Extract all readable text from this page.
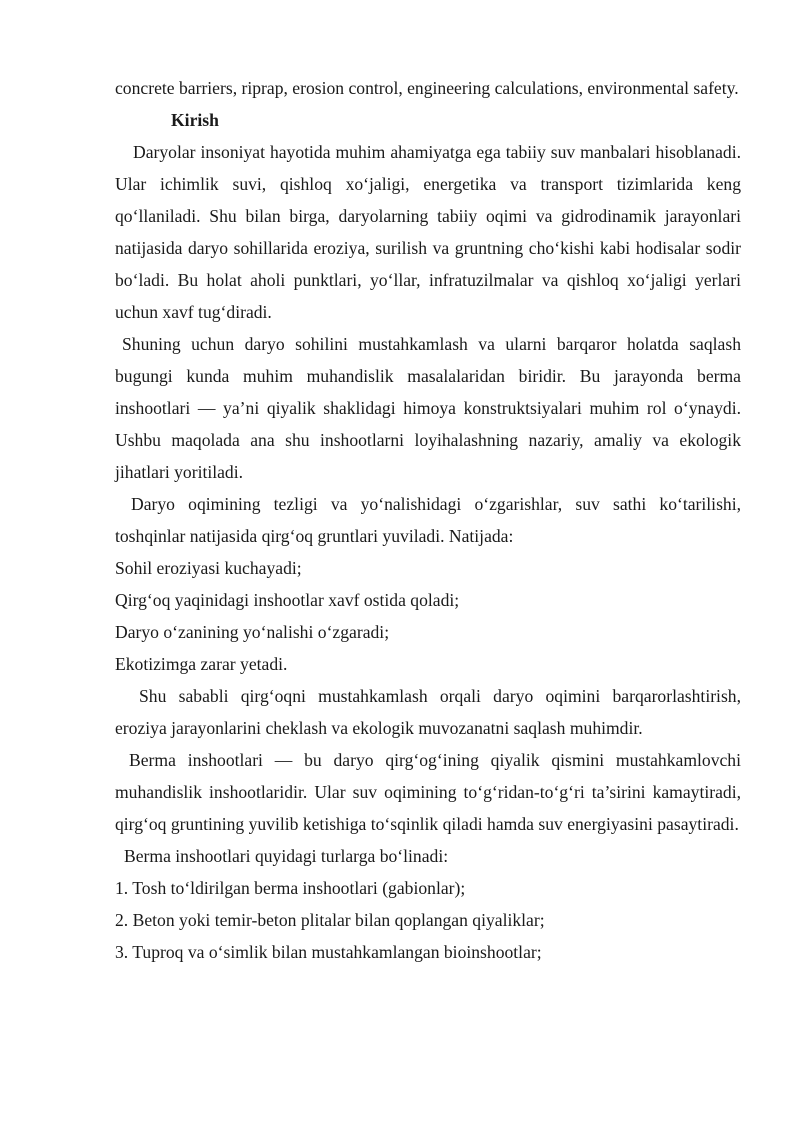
concrete barriers, riprap, erosion control, engineering calculations, environmental safety.

Kirish

Daryolar insoniyat hayotida muhim ahamiyatga ega tabiiy suv manbalari hisoblanadi. Ular ichimlik suvi, qishloq xo‘jaligi, energetika va transport tizimlarida keng qo‘llaniladi. Shu bilan birga, daryolarning tabiiy oqimi va gidrodinamik jarayonlari natijasida daryo sohillarida eroziya, surilish va gruntning cho‘kishi kabi hodisalar sodir bo‘ladi. Bu holat aholi punktlari, yo‘llar, infratuzilmalar va qishloq xo‘jaligi yerlari uchun xavf tug‘diradi.

Shuning uchun daryo sohilini mustahkamlash va ularni barqaror holatda saqlash bugungi kunda muhim muhandislik masalalaridan biridir. Bu jarayonda berma inshootlari — ya’ni qiyalik shaklidagi himoya konstruktsiyalari muhim rol o‘ynaydi. Ushbu maqolada ana shu inshootlarni loyihalashning nazariy, amaliy va ekologik jihatlari yoritiladi.

Daryo oqimining tezligi va yo‘nalishidagi o‘zgarishlar, suv sathi ko‘tarilishi, toshqinlar natijasida qirg‘oq gruntlari yuviladi. Natijada:

Sohil eroziyasi kuchayadi;

Qirg‘oq yaqinidagi inshootlar xavf ostida qoladi;

Daryo o‘zanining yo‘nalishi o‘zgaradi;

Ekotizimga zarar yetadi.

Shu sababli qirg‘oqni mustahkamlash orqali daryo oqimini barqarorlashtirish, eroziya jarayonlarini cheklash va ekologik muvozanatni saqlash muhimdir.

Berma inshootlari — bu daryo qirg‘og‘ining qiyalik qismini mustahkamlovchi muhandislik inshootlaridir. Ular suv oqimining to‘g‘ridan-to‘g‘ri ta’sirini kamaytiradi, qirg‘oq gruntining yuvilib ketishiga to‘sqinlik qiladi hamda suv energiyasini pasaytiradi.

Berma inshootlari quyidagi turlarga bo‘linadi:

1. Tosh to‘ldirilgan berma inshootlari (gabionlar);

2. Beton yoki temir-beton plitalar bilan qoplangan qiyaliklar;

3. Tuproq va o‘simlik bilan mustahkamlangan bioinshootlar;
